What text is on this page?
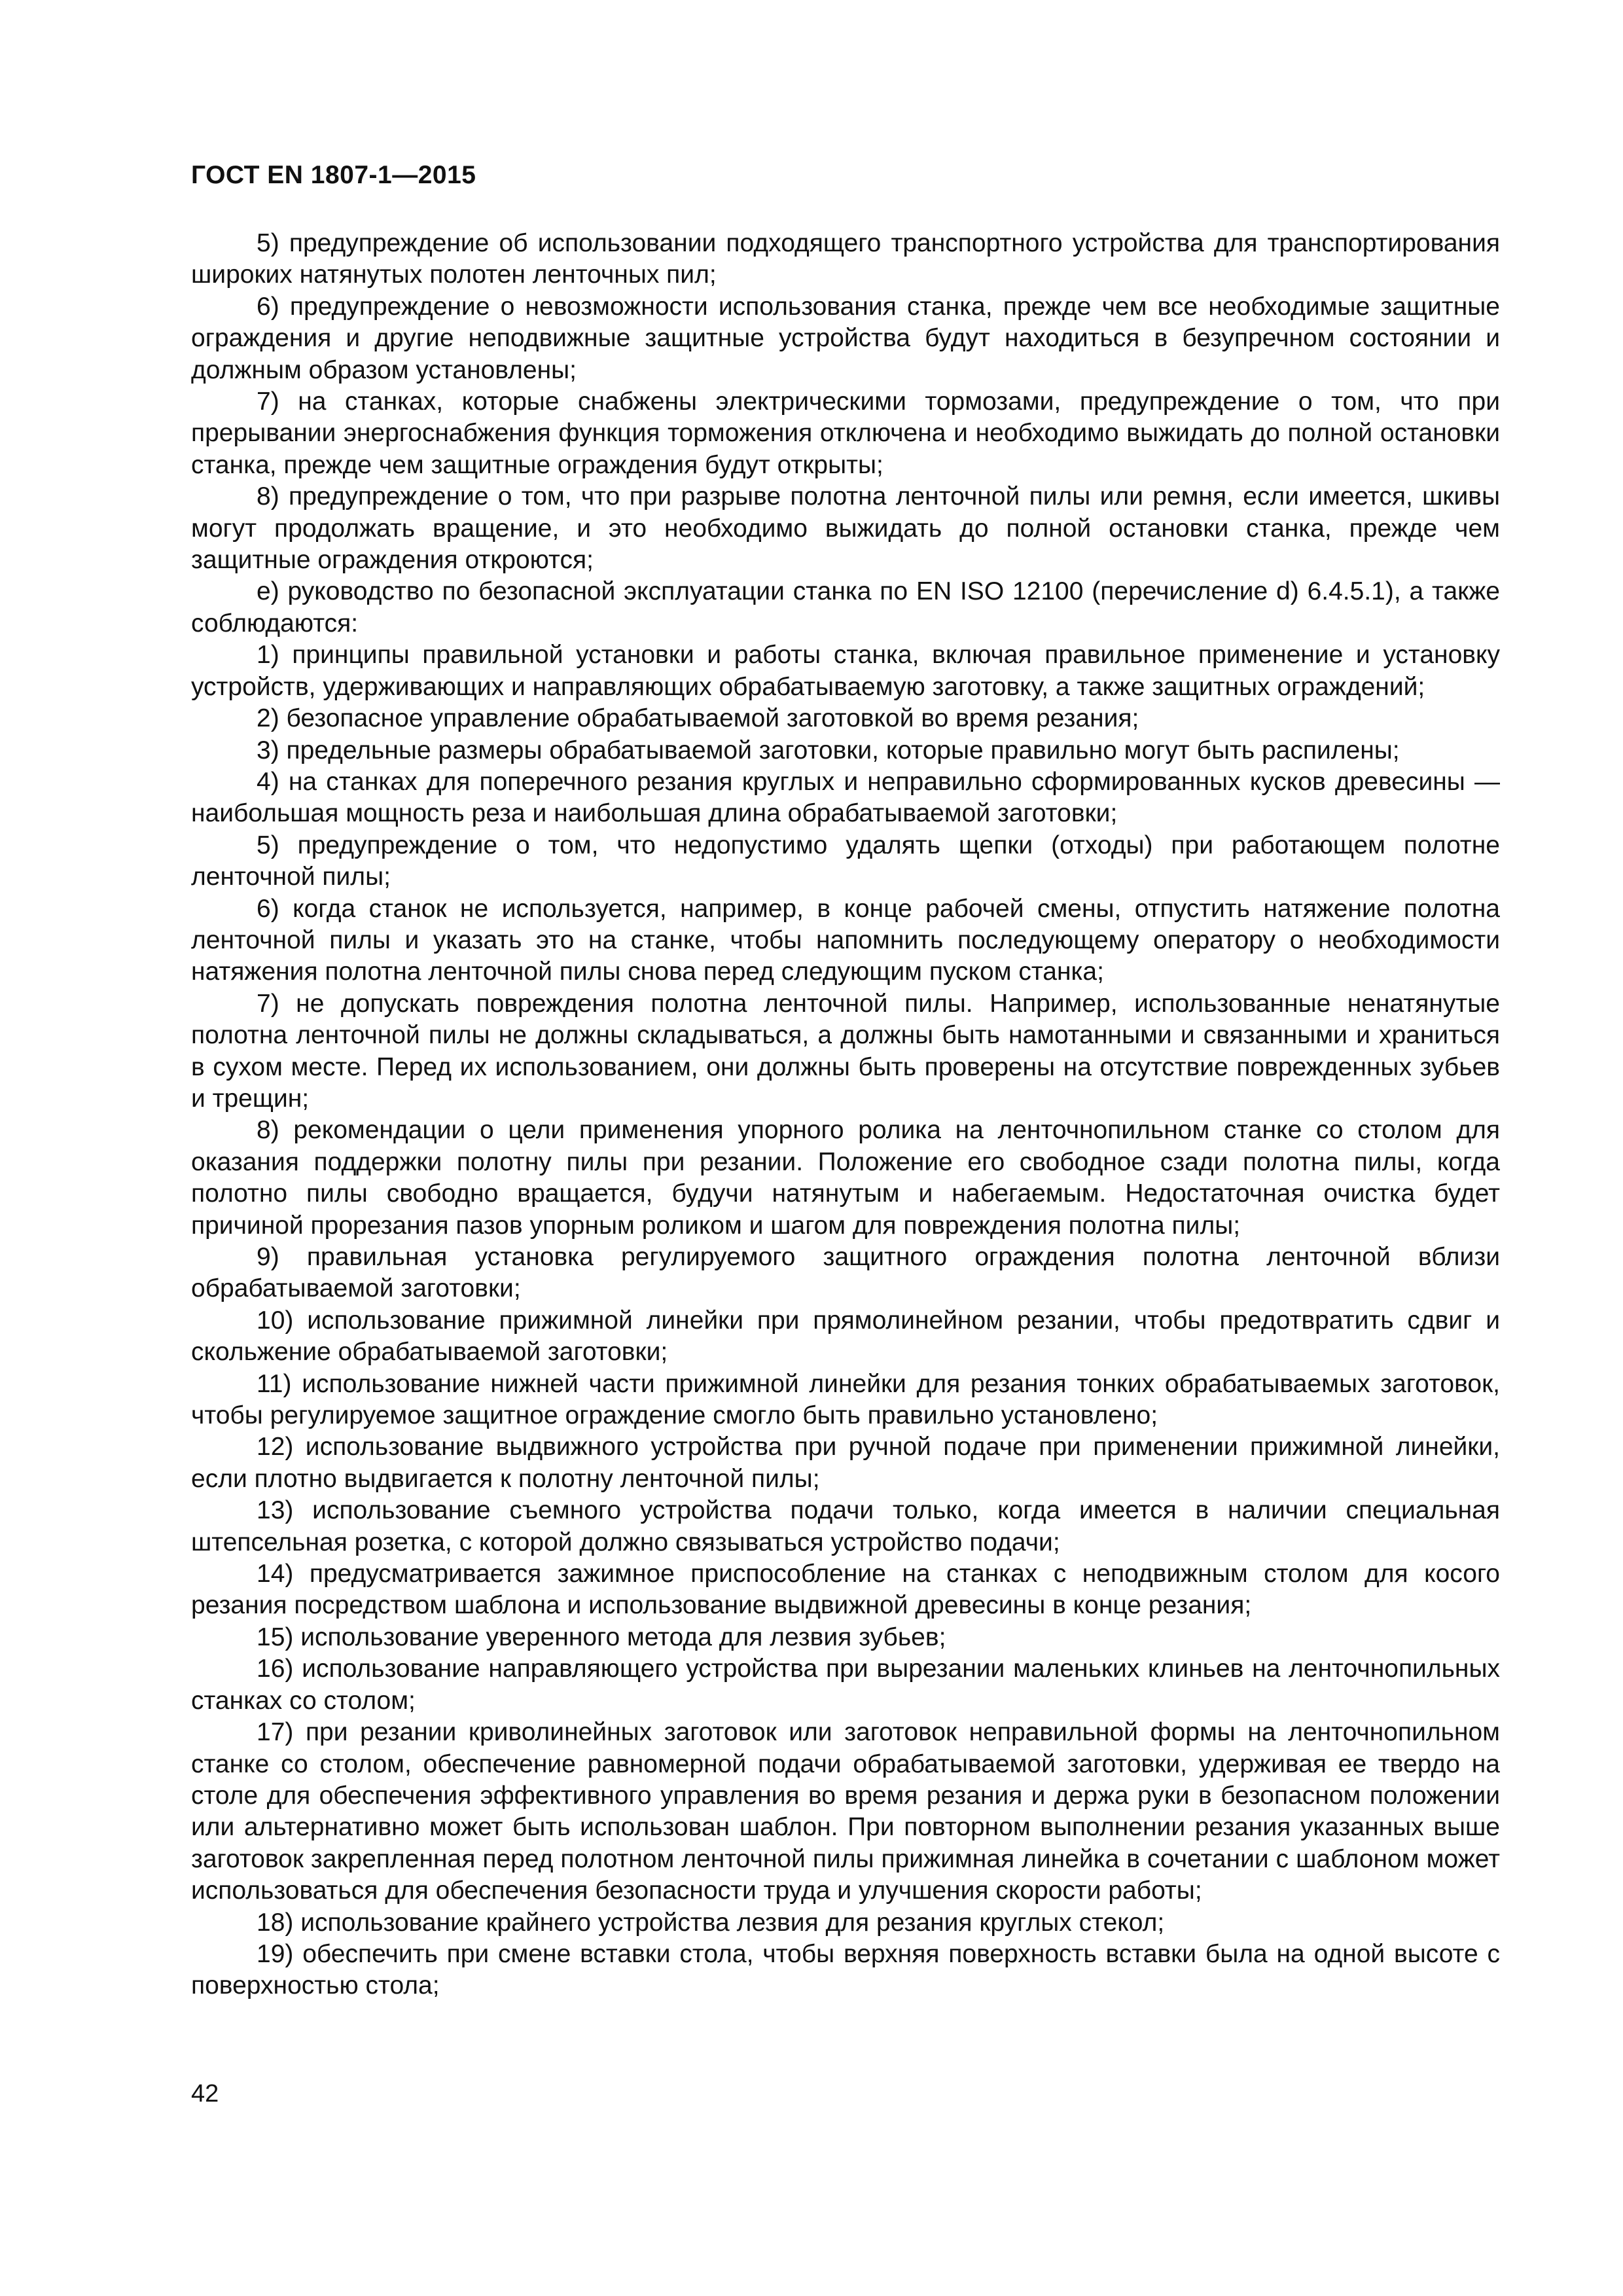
ГОСТ EN 1807-1—2015

5) предупреждение об использовании подходящего транспортного устройства для транспортирования широких натянутых полотен ленточных пил;

6) предупреждение о невозможности использования станка, прежде чем все необходимые защитные ограждения и другие неподвижные защитные устройства будут находиться в безупречном состоянии и должным образом установлены;

7) на станках, которые снабжены электрическими тормозами, предупреждение о том, что при прерывании энергоснабжения функция торможения отключена и необходимо выжидать до полной остановки станка, прежде чем защитные ограждения будут открыты;

8) предупреждение о том, что при разрыве полотна ленточной пилы или ремня, если имеется, шкивы могут продолжать вращение, и это необходимо выжидать до полной остановки станка, прежде чем защитные ограждения откроются;

е) руководство по безопасной эксплуатации станка по EN ISO 12100 (перечисление d) 6.4.5.1), а также соблюдаются:

1) принципы правильной установки и работы станка, включая правильное применение и установку устройств, удерживающих и направляющих обрабатываемую заготовку, а также защитных ограждений;

2) безопасное управление обрабатываемой заготовкой во время резания;

3) предельные размеры обрабатываемой заготовки, которые правильно могут быть распилены;

4) на станках для поперечного резания круглых и неправильно сформированных кусков древесины — наибольшая мощность реза и наибольшая длина обрабатываемой заготовки;

5) предупреждение о том, что недопустимо удалять щепки (отходы) при работающем полотне ленточной пилы;

6) когда станок не используется, например, в конце рабочей смены, отпустить натяжение полотна ленточной пилы и указать это на станке, чтобы напомнить последующему оператору о необходимости натяжения полотна ленточной пилы снова перед следующим пуском станка;

7) не допускать повреждения полотна ленточной пилы. Например, использованные ненатянутые полотна ленточной пилы не должны складываться, а должны быть намотанными и связанными и храниться в сухом месте. Перед их использованием, они должны быть проверены на отсутствие поврежденных зубьев и трещин;

8) рекомендации о цели применения упорного ролика на ленточнопильном станке со столом для оказания поддержки полотну пилы при резании. Положение его свободное сзади полотна пилы, когда полотно пилы свободно вращается, будучи натянутым и набегаемым. Недостаточная очистка будет причиной прорезания пазов упорным роликом и шагом для повреждения полотна пилы;

9) правильная установка регулируемого защитного ограждения полотна ленточной вблизи обрабатываемой заготовки;

10) использование прижимной линейки при прямолинейном резании, чтобы предотвратить сдвиг и скольжение обрабатываемой заготовки;

11) использование нижней части прижимной линейки для резания тонких обрабатываемых заготовок, чтобы регулируемое защитное ограждение смогло быть правильно установлено;

12) использование выдвижного устройства при ручной подаче при применении прижимной линейки, если плотно выдвигается к полотну ленточной пилы;

13) использование съемного устройства подачи только, когда имеется в наличии специальная штепсельная розетка, с которой должно связываться устройство подачи;

14) предусматривается зажимное приспособление на станках с неподвижным столом для косого резания посредством шаблона и использование выдвижной древесины в конце резания;

15) использование уверенного метода для лезвия зубьев;

16) использование направляющего устройства при вырезании маленьких клиньев на ленточнопильных станках со столом;

17) при резании криволинейных заготовок или заготовок неправильной формы на ленточнопильном станке со столом, обеспечение равномерной подачи обрабатываемой заготовки, удерживая ее твердо на столе для обеспечения эффективного управления во время резания и держа руки в безопасном положении или альтернативно может быть использован шаблон. При повторном выполнении резания указанных выше заготовок закрепленная перед полотном ленточной пилы прижимная линейка в сочетании с шаблоном может использоваться для обеспечения безопасности труда и улучшения скорости работы;

18) использование крайнего устройства лезвия для резания круглых стекол;

19) обеспечить при смене вставки стола, чтобы верхняя поверхность вставки была на одной высоте с поверхностью стола;

42
